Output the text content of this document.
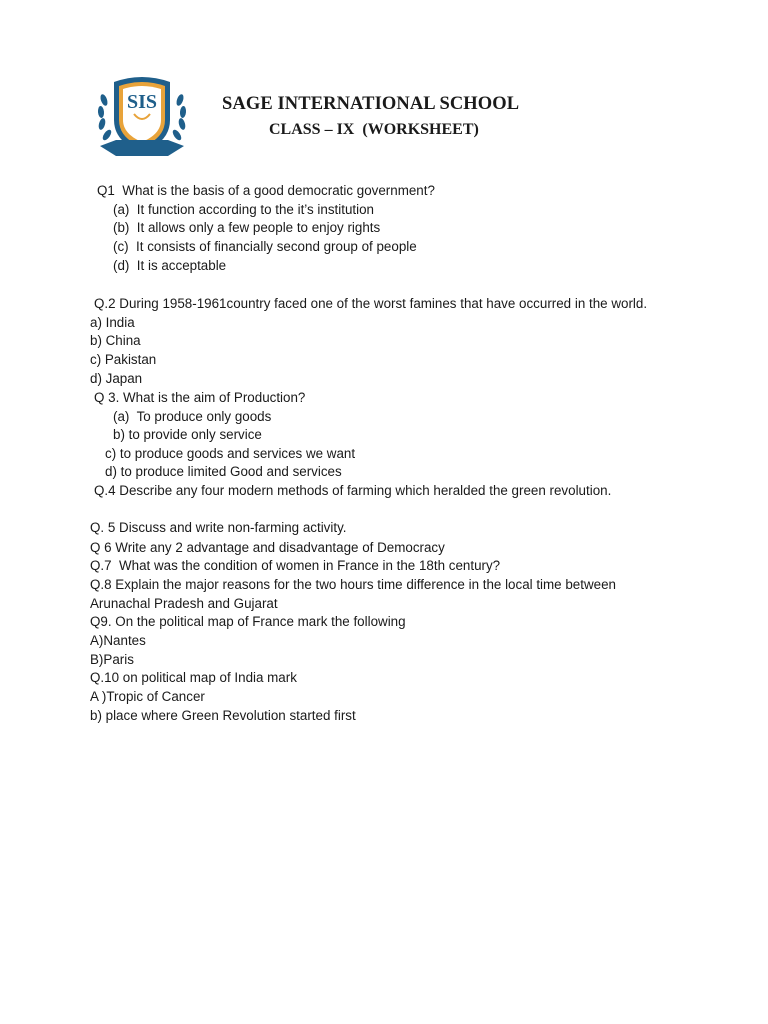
SIS	SAGE INTERNATIONAL SCHOOL
CLASS – IX  (WORKSHEET)

Q1  What is the basis of a good democratic government?

(a)  It function according to the it’s institution

(b)  It allows only a few people to enjoy rights

(c)  It consists of financially second group of people

(d)  It is acceptable

Q.2 During 1958-1961country faced one of the worst famines that have occurred in the world.

a) India

b) China

c) Pakistan

d) Japan

Q 3. What is the aim of Production?

(a)  To produce only goods

b) to provide only service

c) to produce goods and services we want

d) to produce limited Good and services

Q.4 Describe any four modern methods of farming which heralded the green revolution.

Q. 5 Discuss and write non-farming activity.

Q 6 Write any 2 advantage and disadvantage of Democracy

Q.7  What was the condition of women in France in the 18th century?

Q.8 Explain the major reasons for the two hours time difference in the local time between

Arunachal Pradesh and Gujarat

Q9. On the political map of France mark the following

A)Nantes

B)Paris

Q.10 on political map of India mark

A )Tropic of Cancer

b) place where Green Revolution started first
